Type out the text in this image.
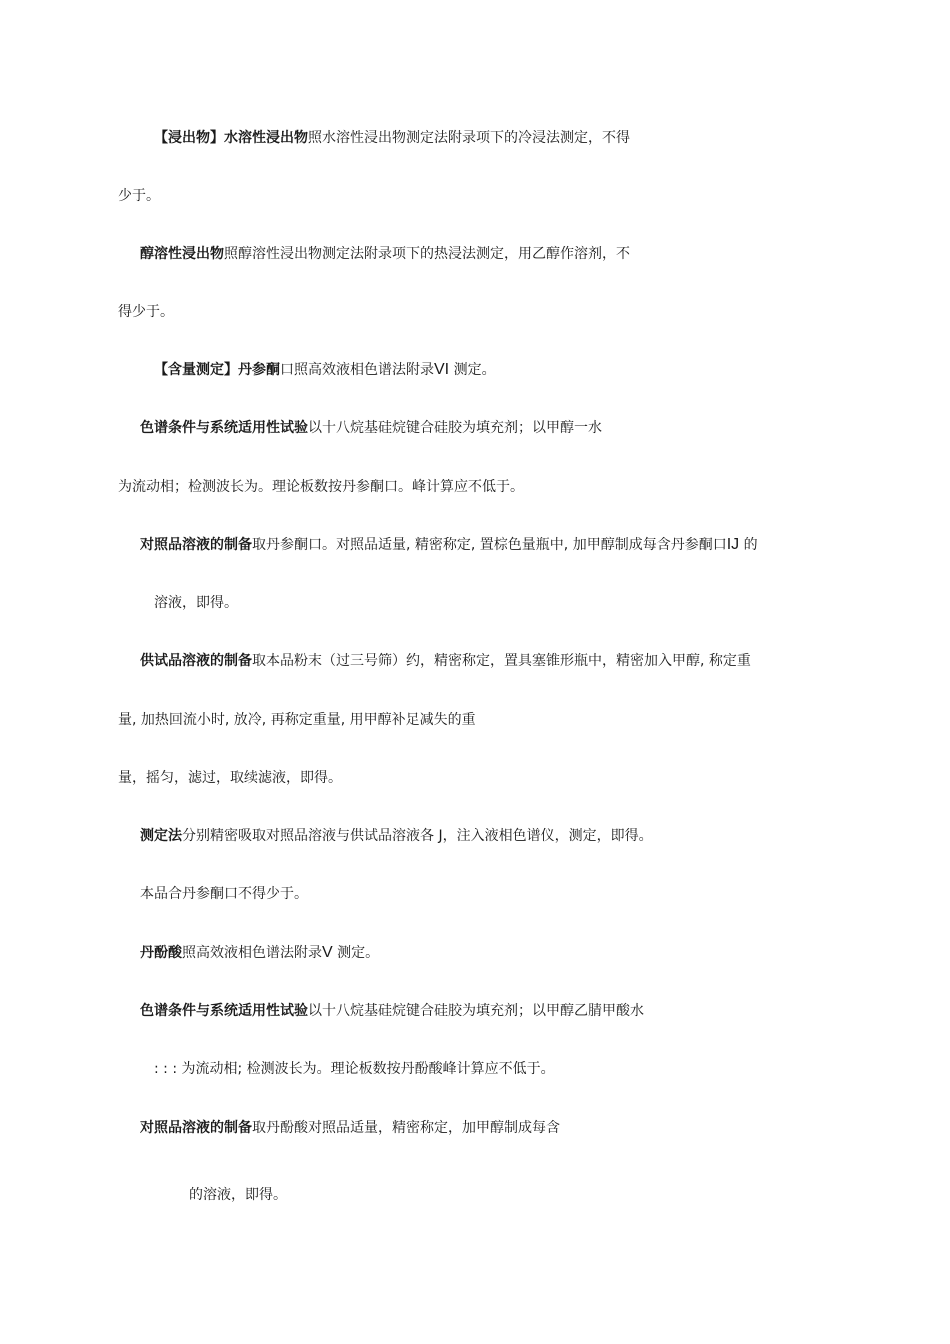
【浸出物】水溶性浸出物照水溶性浸出物测定法附录项下的冷浸法测定，不得
少于。
醇溶性浸出物照醇溶性浸出物测定法附录项下的热浸法测定，用乙醇作溶剂，不
得少于。
【含量测定】丹参酮口照高效液相色谱法附录VI 测定。
色谱条件与系统适用性试验以十八烷基硅烷键合硅胶为填充剂；以甲醇一水
为流动相；检测波长为。理论板数按丹参酮口。峰计算应不低于。
对照品溶液的制备取丹参酮口。对照品适量, 精密称定, 置棕色量瓶中, 加甲醇制成每含丹参酮口IJ 的
溶液，即得。
供试品溶液的制备取本品粉末（过三号筛）约，精密称定，置具塞锥形瓶中，精密加入甲醇, 称定重
量, 加热回流小时, 放冷, 再称定重量, 用甲醇补足减失的重
量，摇匀，滤过，取续滤液，即得。
测定法分别精密吸取对照品溶液与供试品溶液各 J，注入液相色谱仪，测定，即得。
本品合丹参酮口不得少于。
丹酚酸照高效液相色谱法附录V 测定。
色谱条件与系统适用性试验以十八烷基硅烷键合硅胶为填充剂；以甲醇乙腈甲酸水
: : : 为流动相; 检测波长为。理论板数按丹酚酸峰计算应不低于。
对照品溶液的制备取丹酚酸对照品适量，精密称定，加甲醇制成每含
的溶液，即得。
